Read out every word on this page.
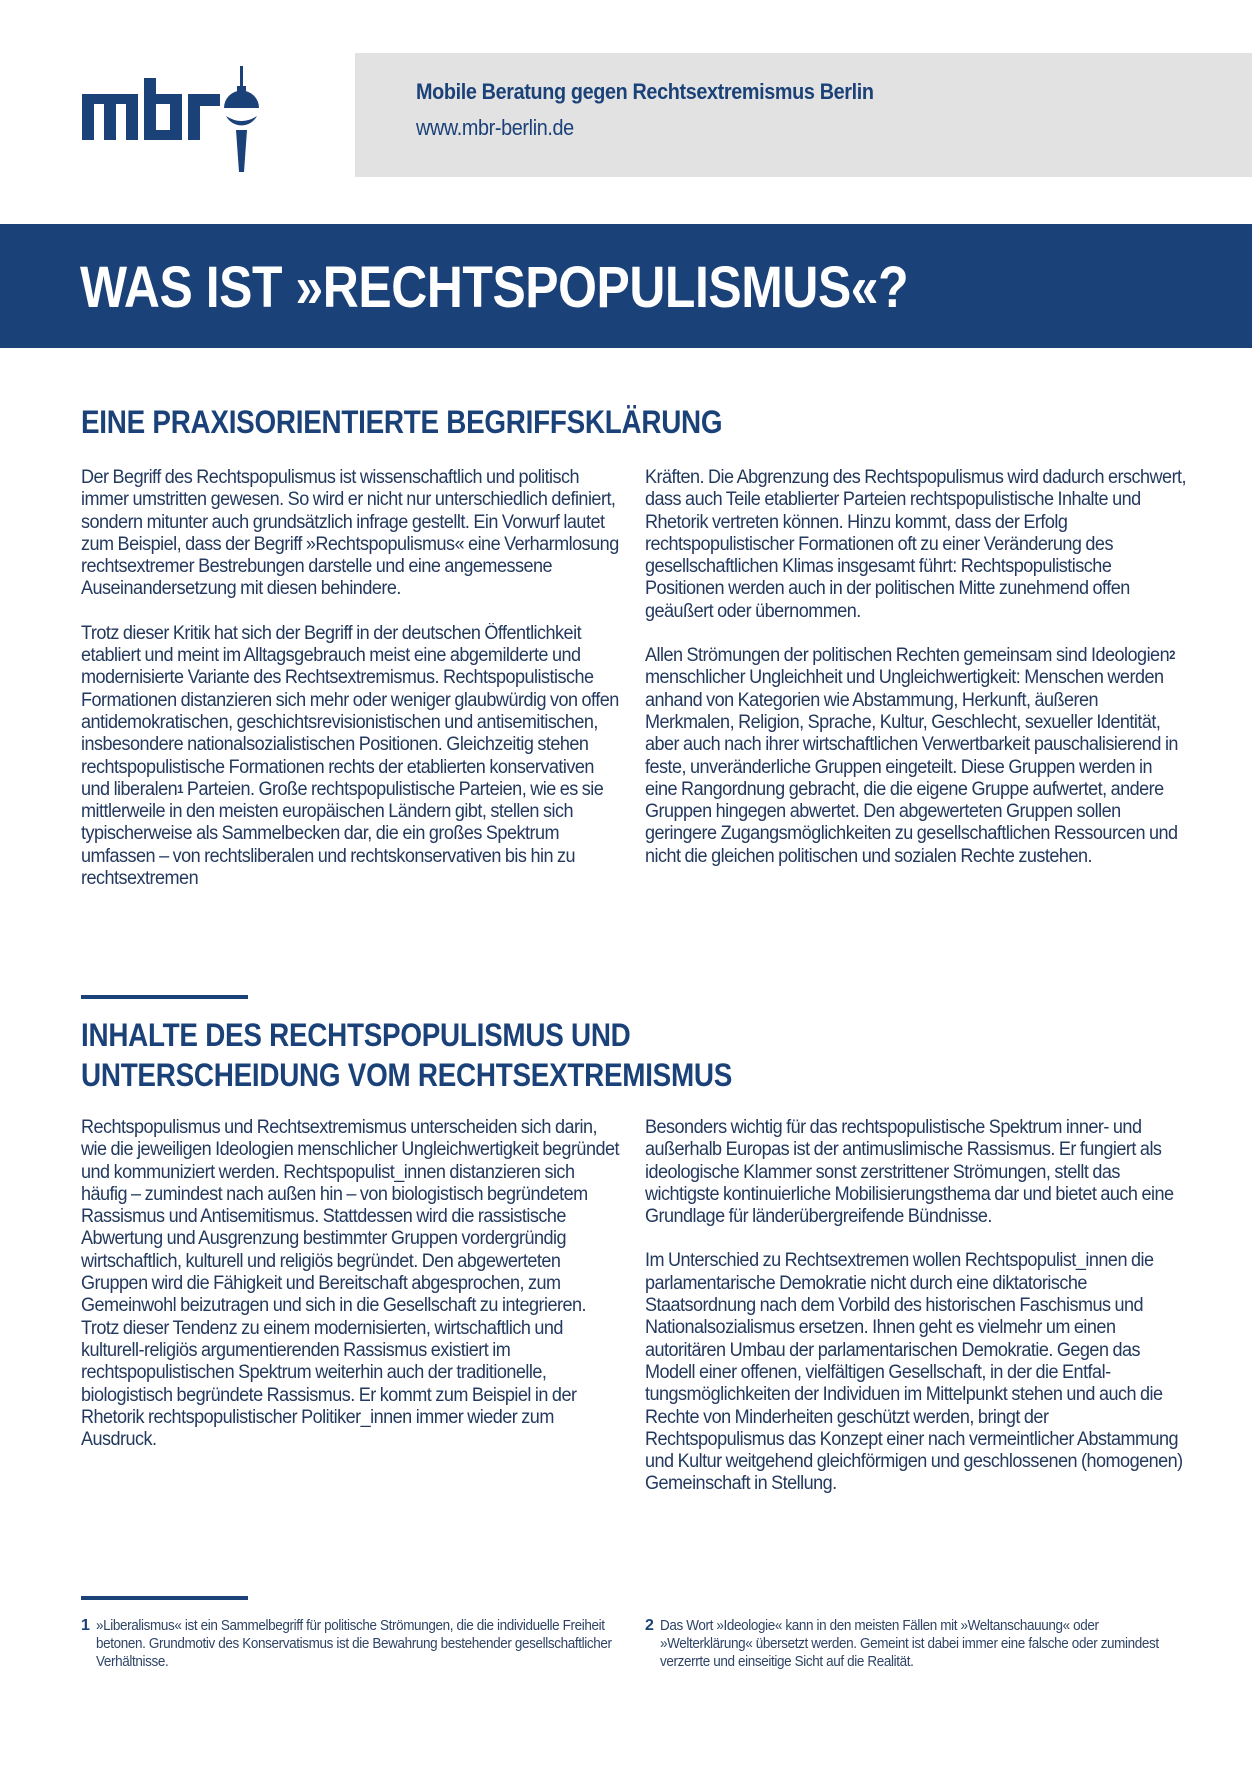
Mobile Beratung gegen Rechtsextremismus Berlin
www.mbr-berlin.de
WAS IST »RECHTSPOPULISMUS«?
EINE PRAXISORIENTIERTE BEGRIFFSKLÄRUNG

Der Begriff des Rechtspopulismus ist wissenschaftlich und politisch immer umstritten gewesen. So wird er nicht nur unterschiedlich definiert, sondern mitunter auch grundsätzlich infrage gestellt. Ein Vorwurf lautet zum Beispiel, dass der Begriff »Rechtspopulismus« eine Verharmlosung rechtsextremer Bestrebungen darstelle und eine angemessene Auseinandersetzung mit diesen behindere.

Trotz dieser Kritik hat sich der Begriff in der deutschen Öffentlichkeit etabliert und meint im Alltagsgebrauch meist eine abgemilderte und modernisierte Variante des Rechtsextremismus. Rechtspopulistische Formationen distanzieren sich mehr oder weniger glaubwürdig von offen antidemokratischen, geschichtsrevisionistischen und antisemitischen, insbesondere nationalsozialistischen Positionen. Gleichzeitig stehen rechtspopulistische Formationen rechts der etablierten konservativen und liberalen$^1$ Parteien. Große rechtspopulistische Parteien, wie es sie mittlerweile in den meisten europäischen Ländern gibt, stellen sich typischerweise als Sammelbecken dar, die ein großes Spektrum umfassen – von rechtsliberalen und rechtskonservativen bis hin zu rechtsextremen

Kräften. Die Abgrenzung des Rechtspopulismus wird dadurch erschwert, dass auch Teile etablierter Parteien rechtspopulistische Inhalte und Rhetorik vertreten können. Hinzu kommt, dass der Erfolg rechtspopulistischer Formationen oft zu einer Veränderung des gesellschaftlichen Klimas insgesamt führt: Rechtspopulistische Positionen werden auch in der politischen Mitte zunehmend offen geäußert oder übernommen.

Allen Strömungen der politischen Rechten gemeinsam sind Ideologien$^2$ menschlicher Ungleichheit und Ungleichwertigkeit: Menschen werden anhand von Kategorien wie Abstammung, Herkunft, äußeren Merkmalen, Religion, Sprache, Kultur, Geschlecht, sexueller Identität, aber auch nach ihrer wirtschaftlichen Verwertbarkeit pauschalisierend in feste, unveränderliche Gruppen eingeteilt. Diese Gruppen werden in eine Rangordnung gebracht, die die eigene Gruppe aufwertet, andere Gruppen hingegen abwertet. Den abgewerteten Gruppen sollen geringere Zugangsmöglichkeiten zu gesellschaftlichen Ressourcen und nicht die gleichen politischen und sozialen Rechte zustehen.

INHALTE DES RECHTSPOPULISMUS UND
UNTERSCHEIDUNG VOM RECHTSEXTREMISMUS

Rechtspopulismus und Rechtsextremismus unterscheiden sich darin, wie die jeweiligen Ideologien menschlicher Ungleichwertigkeit begründet und kommuniziert werden. Rechtspopulist_innen distanzieren sich häufig – zumindest nach außen hin – von biologistisch begründetem Rassismus und Antisemitismus. Stattdessen wird die rassistische Abwertung und Ausgrenzung bestimmter Gruppen vordergründig wirtschaftlich, kulturell und religiös begründet. Den abgewerteten Gruppen wird die Fähigkeit und Bereitschaft abgesprochen, zum Gemeinwohl beizutragen und sich in die Gesellschaft zu integrieren. Trotz dieser Tendenz zu einem modernisierten, wirtschaftlich und kulturell-religiös argumentierenden Rassismus existiert im rechtspopulistischen Spektrum weiterhin auch der traditionelle, biologistisch begründete Rassismus. Er kommt zum Beispiel in der Rhetorik rechtspopulistischer Politiker_innen immer wieder zum Ausdruck.

Besonders wichtig für das rechtspopulistische Spektrum inner- und außerhalb Europas ist der antimuslimische Rassismus. Er fungiert als ideologische Klammer sonst zerstrittener Strömungen, stellt das wichtigste kontinuierliche Mobilisierungsthema dar und bietet auch eine Grundlage für länderübergreifende Bündnisse.

Im Unterschied zu Rechtsextremen wollen Rechtspopulist_innen die parlamentarische Demokratie nicht durch eine diktatorische Staatsordnung nach dem Vorbild des historischen Faschismus und Nationalsozialismus ersetzen. Ihnen geht es vielmehr um einen autoritären Umbau der parlamentarischen Demokratie. Gegen das Modell einer offenen, vielfältigen Gesellschaft, in der die Entfaltungsmöglichkeiten der Individuen im Mittelpunkt stehen und auch die Rechte von Minderheiten geschützt werden, bringt der Rechtspopulismus das Konzept einer nach vermeintlicher Abstammung und Kultur weitgehend gleichförmigen und geschlossenen (homogenen) Gemeinschaft in Stellung.

1 »Liberalismus« ist ein Sammelbegriff für politische Strömungen, die die individuelle Freiheit betonen. Grundmotiv des Konservatismus ist die Bewahrung bestehender gesellschaftlicher Verhältnisse.
2 Das Wort »Ideologie« kann in den meisten Fällen mit »Weltanschauung« oder »Welterklärung« übersetzt werden. Gemeint ist dabei immer eine falsche oder zumindest verzerrte und einseitige Sicht auf die Realität.
